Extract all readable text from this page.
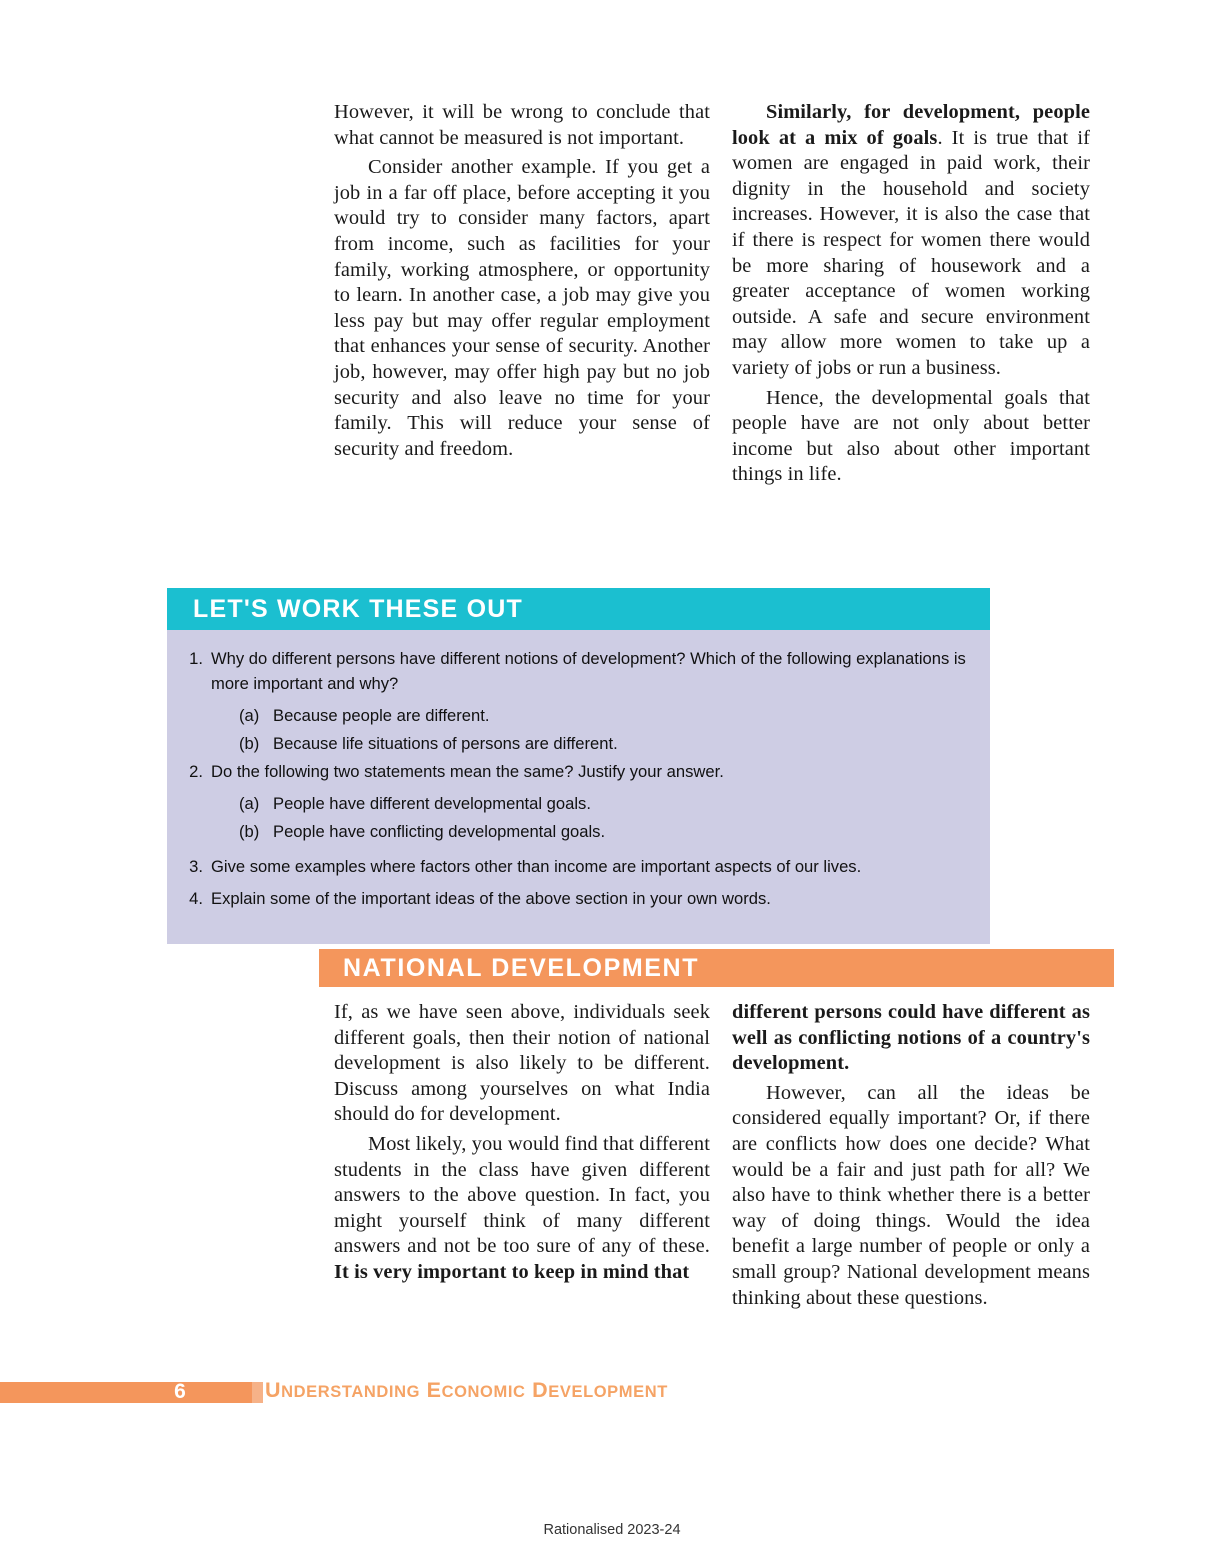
However, it will be wrong to conclude that what cannot be measured is not important.

Consider another example. If you get a job in a far off place, before accepting it you would try to consider many factors, apart from income, such as facilities for your family, working atmosphere, or opportunity to learn. In another case, a job may give you less pay but may offer regular employment that enhances your sense of security. Another job, however, may offer high pay but no job security and also leave no time for your family. This will reduce your sense of security and freedom.

Similarly, for development, people look at a mix of goals. It is true that if women are engaged in paid work, their dignity in the household and society increases. However, it is also the case that if there is respect for women there would be more sharing of housework and a greater acceptance of women working outside. A safe and secure environment may allow more women to take up a variety of jobs or run a business.

Hence, the developmental goals that people have are not only about better income but also about other important things in life.

LET'S WORK THESE OUT
1. Why do different persons have different notions of development? Which of the following explanations is more important and why?
(a) Because people are different.
(b) Because life situations of persons are different.
2. Do the following two statements mean the same? Justify your answer.
(a) People have different developmental goals.
(b) People have conflicting developmental goals.
3. Give some examples where factors other than income are important aspects of our lives.
4. Explain some of the important ideas of the above section in your own words.
NATIONAL DEVELOPMENT

If, as we have seen above, individuals seek different goals, then their notion of national development is also likely to be different. Discuss among yourselves on what India should do for development.

Most likely, you would find that different students in the class have given different answers to the above question. In fact, you might yourself think of many different answers and not be too sure of any of these. It is very important to keep in mind that

different persons could have different as well as conflicting notions of a country's development.

However, can all the ideas be considered equally important? Or, if there are conflicts how does one decide? What would be a fair and just path for all? We also have to think whether there is a better way of doing things. Would the idea benefit a large number of people or only a small group? National development means thinking about these questions.

6	UNDERSTANDING ECONOMIC DEVELOPMENT
Rationalised 2023-24
